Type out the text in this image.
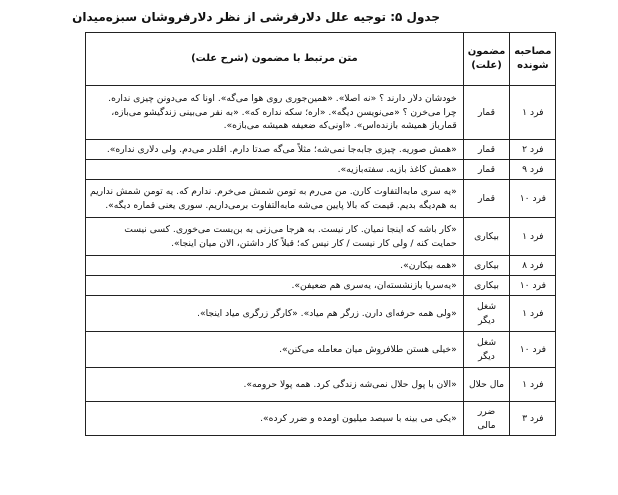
جدول ۵: توجیه علل دلارفرشی از نظر دلارفروشان سبزه‌میدان
مصاحبه شونده	مضمون (علت)	متن مرتبط با مضمون (شرح علت)
فرد ۱	قمار	خودشان دلار دارند ؟ «نه اصلا». «همین‌جوری روی هوا می‌گه». اونا که می‌دونن چیزی نداره.
چرا می‌خرن ؟ «می‌نویسن دیگه». «اره؛ سکه نداره که». «به نفر می‌بینی زندگیشو می‌بازه،
قمارباز همیشه بازنده‌اس». «اونی‌که ضعیفه همیشه می‌بازه».

فرد ۲	قمار	«همش صوریه. چیزی جابه‌جا نمی‌شه؛ مثلاً می‌گه صدتا دارم. اقلدر می‌دم. ولی دلاری نداره».

فرد ۹	قمار	«همش کاغذ بازیه. سفته‌بازیه».

فرد ۱۰	قمار	«یه سری مابه‌التفاوت کارن. من می‌رم به تومن شمش می‌خرم. ندارم که. یه تومن شمش نداریم
به هم‌دیگه بدیم. قیمت که بالا پایین می‌شه مابه‌التفاوت برمی‌داریم. سوری یعنی قماره دیگه».

فرد ۱	بیکاری	«کار باشه که اینجا نمیان. کار نیست. به هرجا می‌زنی به بن‌بست می‌خوری. کسی نیست
حمایت کنه / ولی کار نیست / کار نیس که؛ قبلاً کار داشتن، الان میان اینجا».

فرد ۸	بیکاری	«همه بیکارن».

فرد ۱۰	بیکاری	«یه‌سریا بازنشسته‌ان، یه‌سری هم ضعیفن».

فرد ۱	شغل دیگر	«ولی همه حرفه‌ای دارن. زرگر هم میاد». «کارگر زرگری میاد اینجا».

فرد ۱۰	شغل دیگر	«خیلی هستن طلافروش میان معامله می‌کنن».

فرد ۱	مال حلال	«الان با پول حلال نمی‌شه زندگی کرد. همه پولا حرومه».

فرد ۳	ضرر مالی	«یکی می بینه با سیصد میلیون اومده و ضرر کرده».
